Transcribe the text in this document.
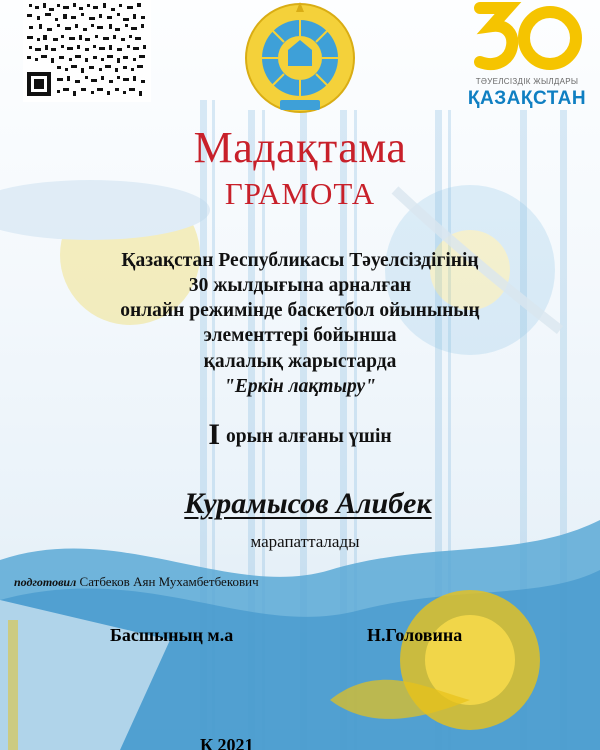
ТӘУЕЛСІЗДІК ЖЫЛДАРЫ
ҚАЗАҚСТАН
Мадақтама
ГРАМОТА
Қазақстан Республикасы Тәуелсіздігінің
30 жылдығына арналған
онлайн режимінде баскетбол ойынының
элементтері бойынша
қалалық жарыстарда
"Еркін лақтыру"
Iорын алғаны үшін
Курамысов Алибек
марапатталады
подготовил Сатбеков Аян Мухамбетбекович
Басшының м.а	Н.Головина
К 2021
